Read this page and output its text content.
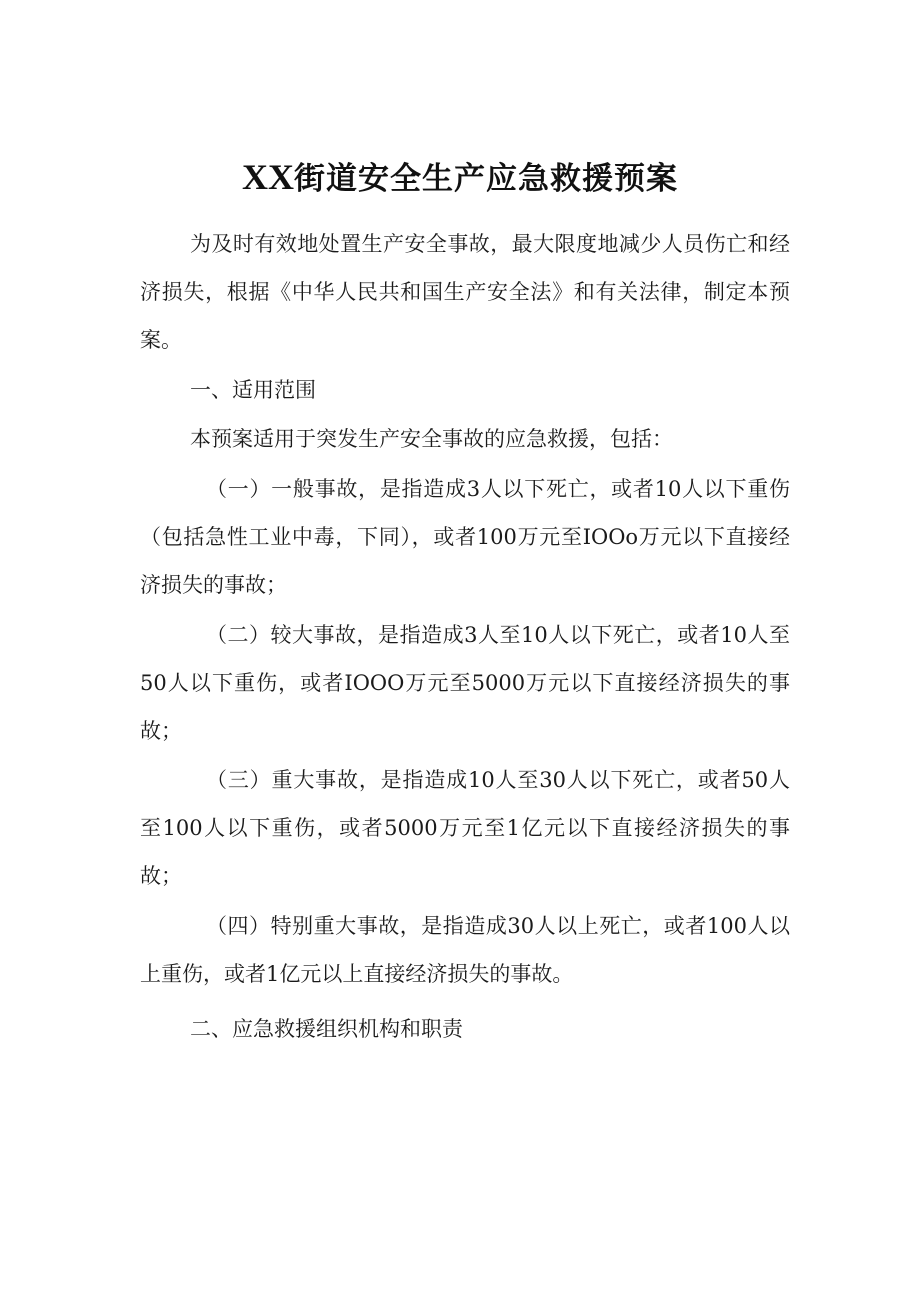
XX街道安全生产应急救援预案

为及时有效地处置生产安全事故，最大限度地减少人员伤亡和经济损失，根据《中华人民共和国生产安全法》和有关法律，制定本预案。

一、适用范围

本预案适用于突发生产安全事故的应急救援，包括：

（一）一般事故，是指造成3人以下死亡，或者10人以下重伤（包括急性工业中毒，下同），或者100万元至IOOo万元以下直接经济损失的事故；

（二）较大事故，是指造成3人至10人以下死亡，或者10人至50人以下重伤，或者IOOO万元至5000万元以下直接经济损失的事故；

（三）重大事故，是指造成10人至30人以下死亡，或者50人至100人以下重伤，或者5000万元至1亿元以下直接经济损失的事故；

（四）特别重大事故，是指造成30人以上死亡，或者100人以上重伤，或者1亿元以上直接经济损失的事故。

二、应急救援组织机构和职责
